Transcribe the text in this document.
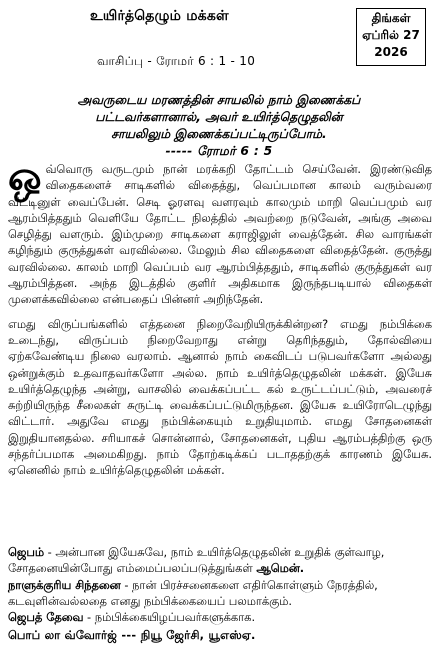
உயிர்த்தெழும் மக்கள்
வாசிப்பு - ரோமர் 6 : 1 - 10
திங்கள்
ஏப்ரில் 27
2026
அவருடைய மரணத்தின் சாயலில் நாம் இணைக்கப்
பட்டவர்களானால், அவர் உயிர்த்தெழுதலின்
சாயலிலும் இணைக்கப்பட்டிருப்போம்.
----- ரோமர் 6 : 5

ஒவ்வொரு வருடமும் நான் மரக்கறி தோட்டம் செய்வேன். இரண்டுவித விதைகளைச் சாடிகளில் விதைத்து, வெப்பமான காலம் வரும்வரை வீட்டினுள் வைப்பேன். செடி ஓரளவு வளரவும் காலமும் மாறி வெப்பமும் வர ஆரம்பித்ததும் வெளியே தோட்ட நிலத்தில் அவற்றை நடுவேன், அங்கு அவை செழித்து வளரும். இம்முறை சாடிகளை கராஜிலுள் வைத்தேன். சில வாரங்கள் கழிந்தும் குருத்துகள் வரவில்லை. மேலும் சில விதைகளை விதைத்தேன். குருத்து வரவில்லை. காலம் மாறி வெப்பம் வர ஆரம்பித்ததும், சாடிகளில் குருத்துகள் வர ஆரம்பித்தன. அந்த இடத்தில் குளிர் அதிகமாக இருந்தபடியால் விதைகள் முளைக்கவில்லை என்பதைப் பின்னர் அறிந்தேன்.

எமது விருப்பங்களில் எத்தனை நிறைவேறியிருக்கின்றன? எமது நம்பிக்கை உடைந்து, விருப்பம் நிறைவேறாது என்று தெரிந்ததும், தோல்வியை ஏற்கவேண்டிய நிலை வரலாம். ஆனால் நாம் கைவிடப் படுபவர்களோ அல்லது ஒன்றுக்கும் உதவாதவர்களோ அல்ல. நாம் உயிர்த்தெழுதலின் மக்கள். இயேசு உயிர்த்தெழுந்த அன்று, வாசலில் வைக்கப்பட்ட கல் உருட்டப்பட்டும், அவரைச் சுற்றியிருந்த சீலைகள் சுருட்டி வைக்கப்பட்டுமிருந்தன. இயேசு உயிரோடெழுந்து விட்டார். அதுவே எமது நம்பிக்கையும் உறுதியுமாம். எமது சோதனைகள் இறுதியானதல்ல. சரியாகச் சொன்னால், சோதனைகள், புதிய ஆரம்பத்திற்கு ஒரு சந்தர்ப்பமாக அமைகிறது. நாம் தோற்கடிக்கப் படாததற்குக் காரணம் இயேசு. ஏனெனில் நாம் உயிர்த்தெழுதலின் மக்கள்.

ஜெபம் - அன்பான இயேசுவே, நாம் உயிர்த்தெழுதலின் உறுதிக் குள்வாழ, சோதனையின்போது எம்மைப்பலப்படுத்துங்கள் ஆமென்.

நாளுக்குரிய சிந்தனை - நான் பிரச்சனைகளை எதிர்கொள்ளும் நேரத்தில், கடவுளின்வல்லதை எனது நம்பிக்கையைப் பலமாக்கும்.

ஜெபத் தேவை - நம்பிக்கையிழப்பவர்களுக்காக.

பொப் லா வ்வோர்ஜ் --- நியூ ஜேர்சி, யூஎஸ்ஏ.
